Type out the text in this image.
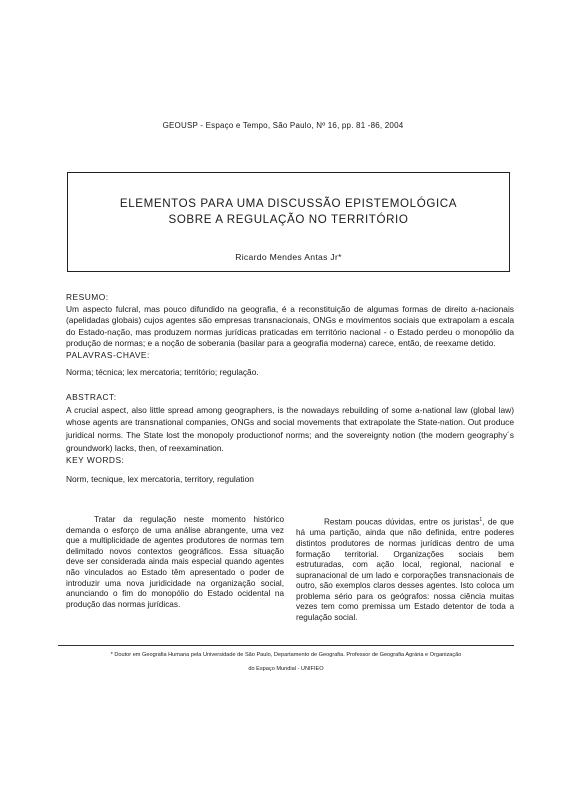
GEOUSP - Espaço e Tempo, São Paulo, Nº 16, pp. 81 -86, 2004
ELEMENTOS PARA UMA DISCUSSÃO EPISTEMOLÓGICA SOBRE A REGULAÇÃO NO TERRITÓRIO
Ricardo Mendes Antas Jr*
RESUMO:
Um aspecto fulcral, mas pouco difundido na geografia, é a reconstituição de algumas formas de direito a-nacionais (apelidadas globais) cujos agentes são empresas transnacionais, ONGs e movimentos sociais que extrapolam a escala do Estado-nação, mas produzem normas jurídicas praticadas em território nacional - o Estado perdeu o monopólio da produção de normas; e a noção de soberania (basilar para a geografia moderna) carece, então, de reexame detido.
PALAVRAS-CHAVE:
Norma; técnica; lex mercatoria; território; regulação.
ABSTRACT:
A crucial aspect, also little spread among geographers, is the nowadays rebuilding of some a-national law (global law) whose agents are transnational companies, ONGs and social movements that extrapolate the State-nation. Out produce juridical norms. The State lost the monopoly productionof norms; and the sovereignty notion (the modern geography´s groundwork) lacks, then, of reexamination.
KEY WORDS:
Norm, tecnique, lex mercatoria, territory, regulation
Tratar da regulação neste momento histórico demanda o esforço de uma análise abrangente, uma vez que a multiplicidade de agentes produtores de normas tem delimitado novos contextos geográficos. Essa situação deve ser considerada ainda mais especial quando agentes não vinculados ao Estado têm apresentado o poder de introduzir uma nova juridicidade na organização social, anunciando o fim do monopólio do Estado ocidental na produção das normas jurídicas.
Restam poucas dúvidas, entre os juristas$^1$, de que há uma partição, ainda que não definida, entre poderes distintos produtores de normas jurídicas dentro de uma formação territorial. Organizações sociais bem estruturadas, com ação local, regional, nacional e supranacional de um lado e corporações transnacionais de outro, são exemplos claros desses agentes. Isto coloca um problema sério para os geógrafos: nossa ciência muitas vezes tem como premissa um Estado detentor de toda a regulação social.
* Doutor em Geografia Humana pela Universidade de São Paulo, Departamento de Geografia. Professor de Geografia Agrária e Organização
do Espaço Mundial - UNIFIEO
